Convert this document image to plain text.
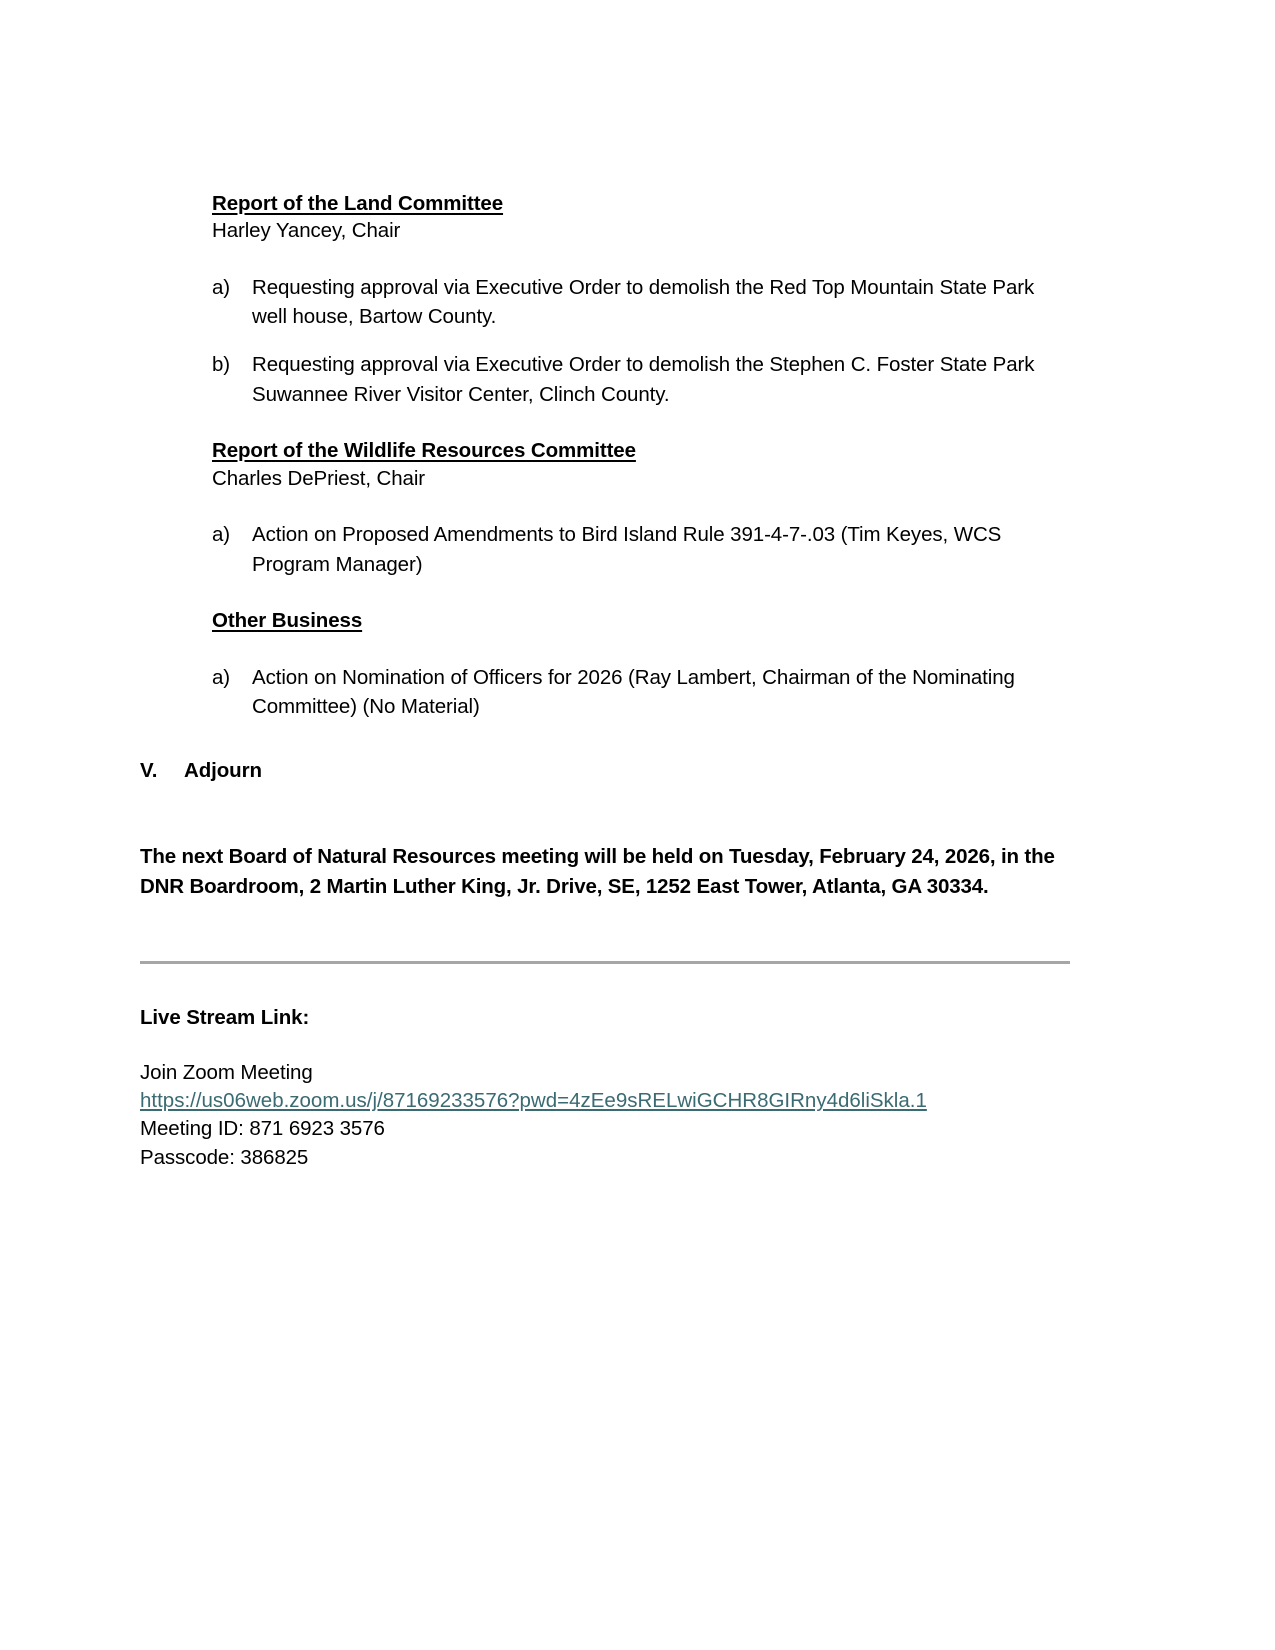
Report of the Land Committee
Harley Yancey, Chair
a) Requesting approval via Executive Order to demolish the Red Top Mountain State Park well house, Bartow County.
b) Requesting approval via Executive Order to demolish the Stephen C. Foster State Park Suwannee River Visitor Center, Clinch County.
Report of the Wildlife Resources Committee
Charles DePriest, Chair
a) Action on Proposed Amendments to Bird Island Rule 391-4-7-.03 (Tim Keyes, WCS Program Manager)
Other Business
a) Action on Nomination of Officers for 2026 (Ray Lambert, Chairman of the Nominating Committee) (No Material)
V. Adjourn
The next Board of Natural Resources meeting will be held on Tuesday, February 24, 2026, in the DNR Boardroom, 2 Martin Luther King, Jr. Drive, SE, 1252 East Tower, Atlanta, GA 30334.
Live Stream Link:
Join Zoom Meeting
https://us06web.zoom.us/j/87169233576?pwd=4zEe9sRELwiGCHR8GIRny4d6liSkla.1
Meeting ID: 871 6923 3576
Passcode: 386825
